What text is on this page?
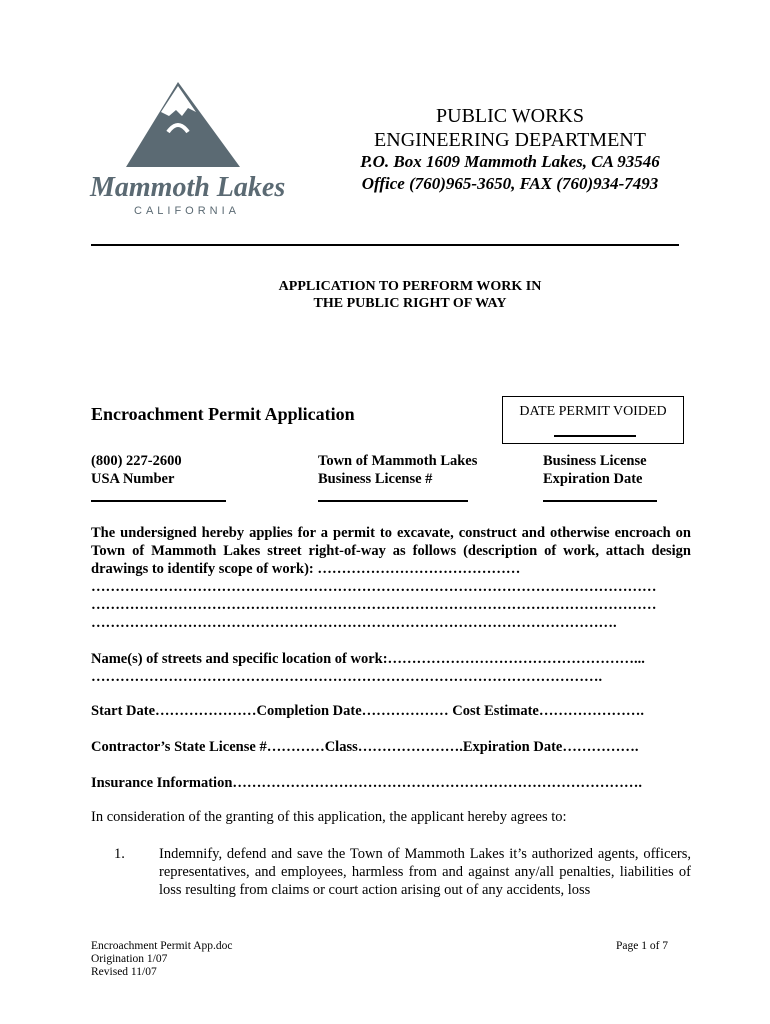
Mammoth Lakes
CALIFORNIA
PUBLIC WORKS
ENGINEERING DEPARTMENT
P.O. Box 1609 Mammoth Lakes, CA 93546
Office (760)965-3650, FAX (760)934-7493
APPLICATION TO PERFORM WORK IN
THE PUBLIC RIGHT OF WAY
Encroachment Permit Application	DATE PERMIT VOIDED
(800) 227-2600
USA Number
Town of Mammoth Lakes
Business License #
Business License
Expiration Date
The undersigned hereby applies for a permit to excavate, construct and otherwise encroach on Town of Mammoth Lakes street right-of-way as follows (description of work, attach design drawings to identify scope of work): ……………………………………
………………………………………………………………………………………………………
………………………………………………………………………………………………………
……………………………………………………………………………………………….
Name(s) of streets and specific location of work:……………………………………………...
…………………………………………………………………………………………….
Start Date…………………Completion Date……………… Cost Estimate………………….
Contractor’s State License #…………Class………………….Expiration Date…………….
Insurance Information………………………………………………………………………….
In consideration of the granting of this application, the applicant hereby agrees to:
1. Indemnify, defend and save the Town of Mammoth Lakes it’s authorized agents, officers, representatives, and employees, harmless from and against any/all penalties, liabilities of loss resulting from claims or court action arising out of any accidents, loss
Encroachment Permit App.doc
Origination 1/07
Revised 11/07
Page 1 of 7
